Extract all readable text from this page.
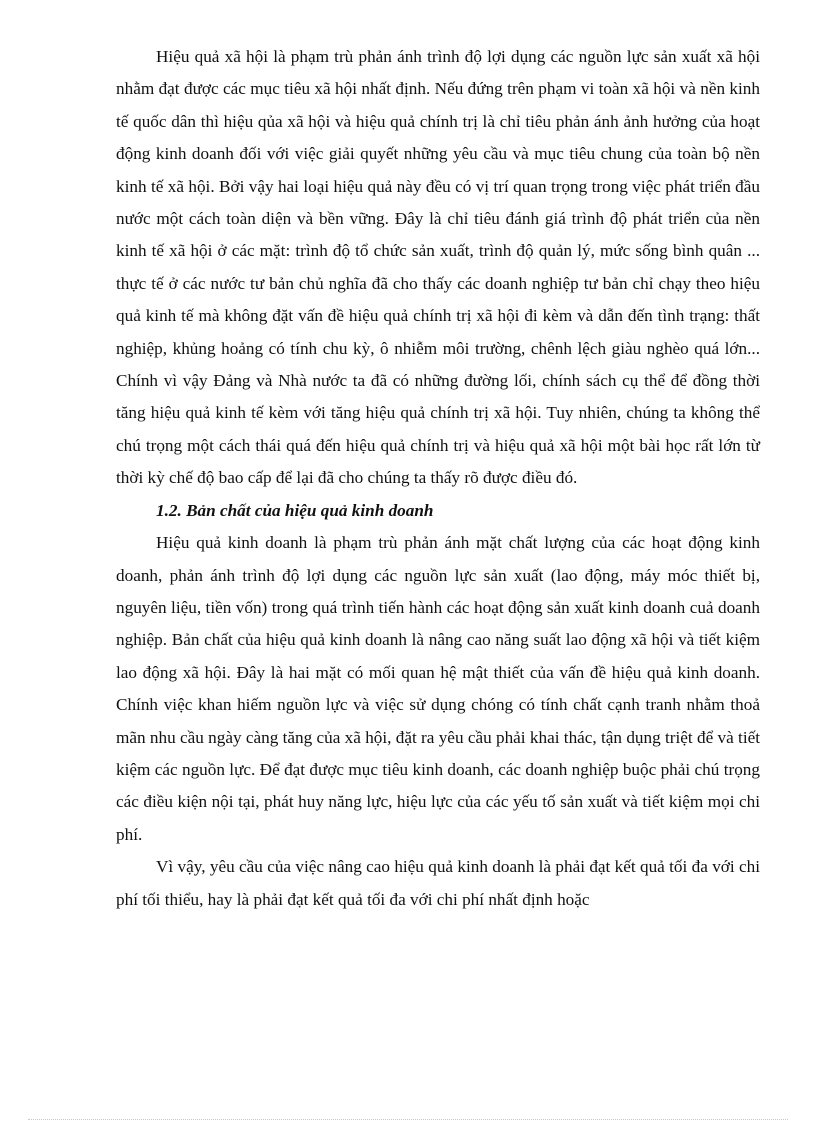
Hiệu quả xã hội là phạm trù phản ánh trình độ lợi dụng các nguồn lực sản xuất xã hội nhằm đạt được các mục tiêu xã hội nhất định. Nếu đứng trên phạm vi toàn xã hội và nền kinh tế quốc dân thì hiệu qủa xã hội và hiệu quả chính trị là chỉ tiêu phản ánh ảnh hưởng của hoạt động kinh doanh đối với việc giải quyết những yêu cầu và mục tiêu chung của toàn bộ nền kinh tế xã hội. Bởi vậy hai loại hiệu quả này đều có vị trí quan trọng trong việc phát triển đầu nước một cách toàn diện và bền vững. Đây là chỉ tiêu đánh giá trình độ phát triển của nền kinh tế xã hội ở các mặt: trình độ tổ chức sản xuất, trình độ quản lý, mức sống bình quân ... thực tế ở các nước tư bản chủ nghĩa đã cho thấy các doanh nghiệp tư bản chỉ chạy theo hiệu quả kinh tế mà không đặt vấn đề hiệu quả chính trị xã hội đi kèm và dẫn đến tình trạng: thất nghiệp, khủng hoảng có tính chu kỳ, ô nhiễm môi trường, chênh lệch giàu nghèo quá lớn... Chính vì vậy Đảng và Nhà nước ta đã có những đường lối, chính sách cụ thể để đồng thời tăng hiệu quả kinh tế kèm với tăng hiệu quả chính trị xã hội. Tuy nhiên, chúng ta không thể chú trọng một cách thái quá đến hiệu quả chính trị và hiệu quả xã hội một bài học rất lớn từ thời kỳ chế độ bao cấp để lại đã cho chúng ta thấy rõ được điều đó.

1.2. Bản chất của hiệu quả kinh doanh

Hiệu quả kinh doanh là phạm trù phản ánh mặt chất lượng của các hoạt động kinh doanh, phản ánh trình độ lợi dụng các nguồn lực sản xuất (lao động, máy móc thiết bị, nguyên liệu, tiền vốn) trong quá trình tiến hành các hoạt động sản xuất kinh doanh cuả doanh nghiệp. Bản chất của hiệu quả kinh doanh là nâng cao năng suất lao động xã hội và tiết kiệm lao động xã hội. Đây là hai mặt có mối quan hệ mật thiết của vấn đề hiệu quả kinh doanh. Chính việc khan hiếm nguồn lực và việc sử dụng chóng có tính chất cạnh tranh nhằm thoả mãn nhu cầu ngày càng tăng của xã hội, đặt ra yêu cầu phải khai thác, tận dụng triệt để và tiết kiệm các nguồn lực. Để đạt được mục tiêu kinh doanh, các doanh nghiệp buộc phải chú trọng các điều kiện nội tại, phát huy năng lực, hiệu lực của các yếu tố sản xuất và tiết kiệm mọi chi phí.

Vì vậy, yêu cầu của việc nâng cao hiệu quả kinh doanh là phải đạt kết quả tối đa với chi phí tối thiểu, hay là phải đạt kết quả tối đa với chi phí nhất định hoặc
